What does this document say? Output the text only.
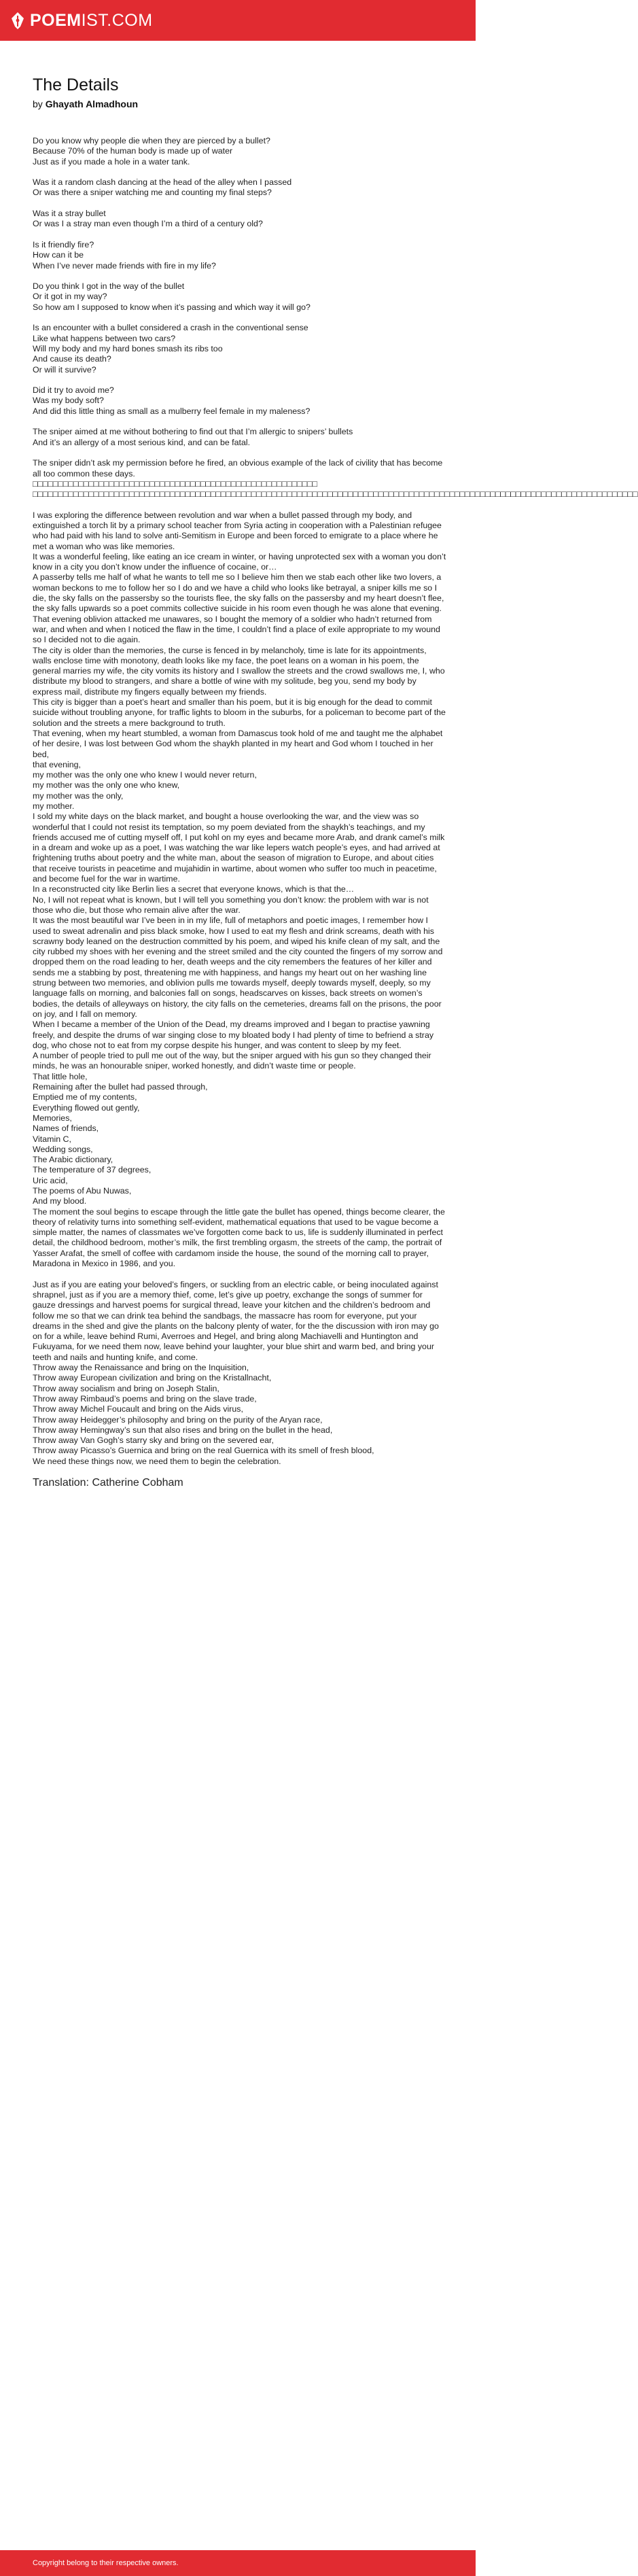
POEMIST.COM
The Details
by Ghayath Almadhoun
Do you know why people die when they are pierced by a bullet?
Because 70% of the human body is made up of water
Just as if you made a hole in a water tank.
Was it a random clash dancing at the head of the alley when I passed
Or was there a sniper watching me and counting my final steps?
Was it a stray bullet
Or was I a stray man even though I’m a third of a century old?
Is it friendly fire?
How can it be
When I’ve never made friends with fire in my life?
Do you think I got in the way of the bullet
Or it got in my way?
So how am I supposed to know when it’s passing and which way it will go?
Is an encounter with a bullet considered a crash in the conventional sense
Like what happens between two cars?
Will my body and my hard bones smash its ribs too
And cause its death?
Or will it survive?
Did it try to avoid me?
Was my body soft?
And did this little thing as small as a mulberry feel female in my maleness?
The sniper aimed at me without bothering to find out that I’m allergic to snipers’ bullets
And it’s an allergy of a most serious kind, and can be fatal.
The sniper didn’t ask my permission before he fired, an obvious example of the lack of civility that has become all too common these days.
□□□□□□□□□□□□□□□□□□□□□□□□□□□□□□□□□□□□□□□□□□□□□□□□□□□□□□□□
□□□□□□□□□□□□□□□□□□□□□□□□□□□□□□□□□□□□□□□□□□□□□□□□□□□□□□□□□□□□□□□□□□□□□□□□□□□□□□□□□□□□□□□□□□□□□□□□□□□□□□□□□□□□□□□□□□□□□□□
I was exploring the difference between revolution and war when a bullet passed through my body, and extinguished a torch lit by a primary school teacher from Syria acting in cooperation with a Palestinian refugee who had paid with his land to solve anti-Semitism in Europe and been forced to emigrate to a place where he met a woman who was like memories.
It was a wonderful feeling, like eating an ice cream in winter, or having unprotected sex with a woman you don’t know in a city you don’t know under the influence of cocaine, or…
A passerby tells me half of what he wants to tell me so I believe him then we stab each other like two lovers, a woman beckons to me to follow her so I do and we have a child who looks like betrayal, a sniper kills me so I die, the sky falls on the passersby so the tourists flee, the sky falls on the passersby and my heart doesn’t flee, the sky falls upwards so a poet commits collective suicide in his room even though he was alone that evening.
That evening oblivion attacked me unawares, so I bought the memory of a soldier who hadn’t returned from war, and when and when I noticed the flaw in the time, I couldn’t find a place of exile appropriate to my wound so I decided not to die again.
The city is older than the memories, the curse is fenced in by melancholy, time is late for its appointments, walls enclose time with monotony, death looks like my face, the poet leans on a woman in his poem, the general marries my wife, the city vomits its history and I swallow the streets and the crowd swallows me, I, who distribute my blood to strangers, and share a bottle of wine with my solitude, beg you, send my body by express mail, distribute my fingers equally between my friends.
This city is bigger than a poet’s heart and smaller than his poem, but it is big enough for the dead to commit suicide without troubling anyone, for traffic lights to bloom in the suburbs, for a policeman to become part of the solution and the streets a mere background to truth.
That evening, when my heart stumbled, a woman from Damascus took hold of me and taught me the alphabet of her desire, I was lost between God whom the shaykh planted in my heart and God whom I touched in her bed,
that evening,
my mother was the only one who knew I would never return,
my mother was the only one who knew,
my mother was the only,
my mother.
I sold my white days on the black market, and bought a house overlooking the war, and the view was so wonderful that I could not resist its temptation, so my poem deviated from the shaykh’s teachings, and my friends accused me of cutting myself off, I put kohl on my eyes and became more Arab, and drank camel’s milk in a dream and woke up as a poet, I was watching the war like lepers watch people’s eyes, and had arrived at frightening truths about poetry and the white man, about the season of migration to Europe, and about cities that receive tourists in peacetime and mujahidin in wartime, about women who suffer too much in peacetime, and become fuel for the war in wartime.
In a reconstructed city like Berlin lies a secret that everyone knows, which is that the…
No, I will not repeat what is known, but I will tell you something you don’t know: the problem with war is not those who die, but those who remain alive after the war.
It was the most beautiful war I’ve been in in my life, full of metaphors and poetic images, I remember how I used to sweat adrenalin and piss black smoke, how I used to eat my flesh and drink screams, death with his scrawny body leaned on the destruction committed by his poem, and wiped his knife clean of my salt, and the city rubbed my shoes with her evening and the street smiled and the city counted the fingers of my sorrow and dropped them on the road leading to her, death weeps and the city remembers the features of her killer and sends me a stabbing by post, threatening me with happiness, and hangs my heart out on her washing line strung between two memories, and oblivion pulls me towards myself, deeply towards myself, deeply, so my language falls on morning, and balconies fall on songs, headscarves on kisses, back streets on women’s bodies, the details of alleyways on history, the city falls on the cemeteries, dreams fall on the prisons, the poor on joy, and I fall on memory.
When I became a member of the Union of the Dead, my dreams improved and I began to practise yawning freely, and despite the drums of war singing close to my bloated body I had plenty of time to befriend a stray dog, who chose not to eat from my corpse despite his hunger, and was content to sleep by my feet.
A number of people tried to pull me out of the way, but the sniper argued with his gun so they changed their minds, he was an honourable sniper, worked honestly, and didn’t waste time or people.
That little hole,
Remaining after the bullet had passed through,
Emptied me of my contents,
Everything flowed out gently,
Memories,
Names of friends,
Vitamin C,
Wedding songs,
The Arabic dictionary,
The temperature of 37 degrees,
Uric acid,
The poems of Abu Nuwas,
And my blood.
The moment the soul begins to escape through the little gate the bullet has opened, things become clearer, the theory of relativity turns into something self-evident, mathematical equations that used to be vague become a simple matter, the names of classmates we’ve forgotten come back to us, life is suddenly illuminated in perfect detail, the childhood bedroom, mother’s milk, the first trembling orgasm, the streets of the camp, the portrait of Yasser Arafat, the smell of coffee with cardamom inside the house, the sound of the morning call to prayer, Maradona in Mexico in 1986, and you.
Just as if you are eating your beloved’s fingers, or suckling from an electric cable, or being inoculated against shrapnel, just as if you are a memory thief, come, let’s give up poetry, exchange the songs of summer for gauze dressings and harvest poems for surgical thread, leave your kitchen and the children’s bedroom and follow me so that we can drink tea behind the sandbags, the massacre has room for everyone, put your dreams in the shed and give the plants on the balcony plenty of water, for the the discussion with iron may go on for a while, leave behind Rumi, Averroes and Hegel, and bring along Machiavelli and Huntington and Fukuyama, for we need them now, leave behind your laughter, your blue shirt and warm bed, and bring your teeth and nails and hunting knife, and come.
Throw away the Renaissance and bring on the Inquisition,
Throw away European civilization and bring on the Kristallnacht,
Throw away socialism and bring on Joseph Stalin,
Throw away Rimbaud’s poems and bring on the slave trade,
Throw away Michel Foucault and bring on the Aids virus,
Throw away Heidegger’s philosophy and bring on the purity of the Aryan race,
Throw away Hemingway’s sun that also rises and bring on the bullet in the head,
Throw away Van Gogh’s starry sky and bring on the severed ear,
Throw away Picasso’s Guernica and bring on the real Guernica with its smell of fresh blood,
We need these things now, we need them to begin the celebration.
Translation: Catherine Cobham
Copyright belong to their respective owners.
